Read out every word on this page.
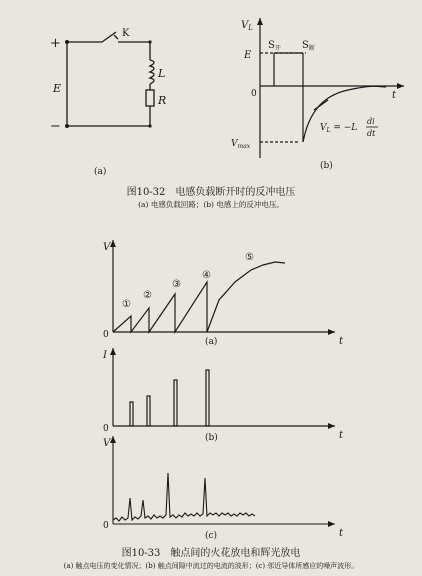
+
−
K
E
L
R
(a)
$V_L$
E
$S_开$ $S_断$
0	t
$V_L = -L$
di
dt
$V_{max}$
(b)
图10-32　电感负载断开时的反冲电压
(a) 电感负载回路；(b) 电感上的反冲电压。
V
0
t
①
②
③
④
⑤
(a)
I
0
t
(b)
V
0
t
(c)
图10-33　触点间的火花放电和辉光放电
(a) 触点电压的变化情况；(b) 触点间隙中流过的电流的波形；(c) 邻近导体所感应的噪声波形。
